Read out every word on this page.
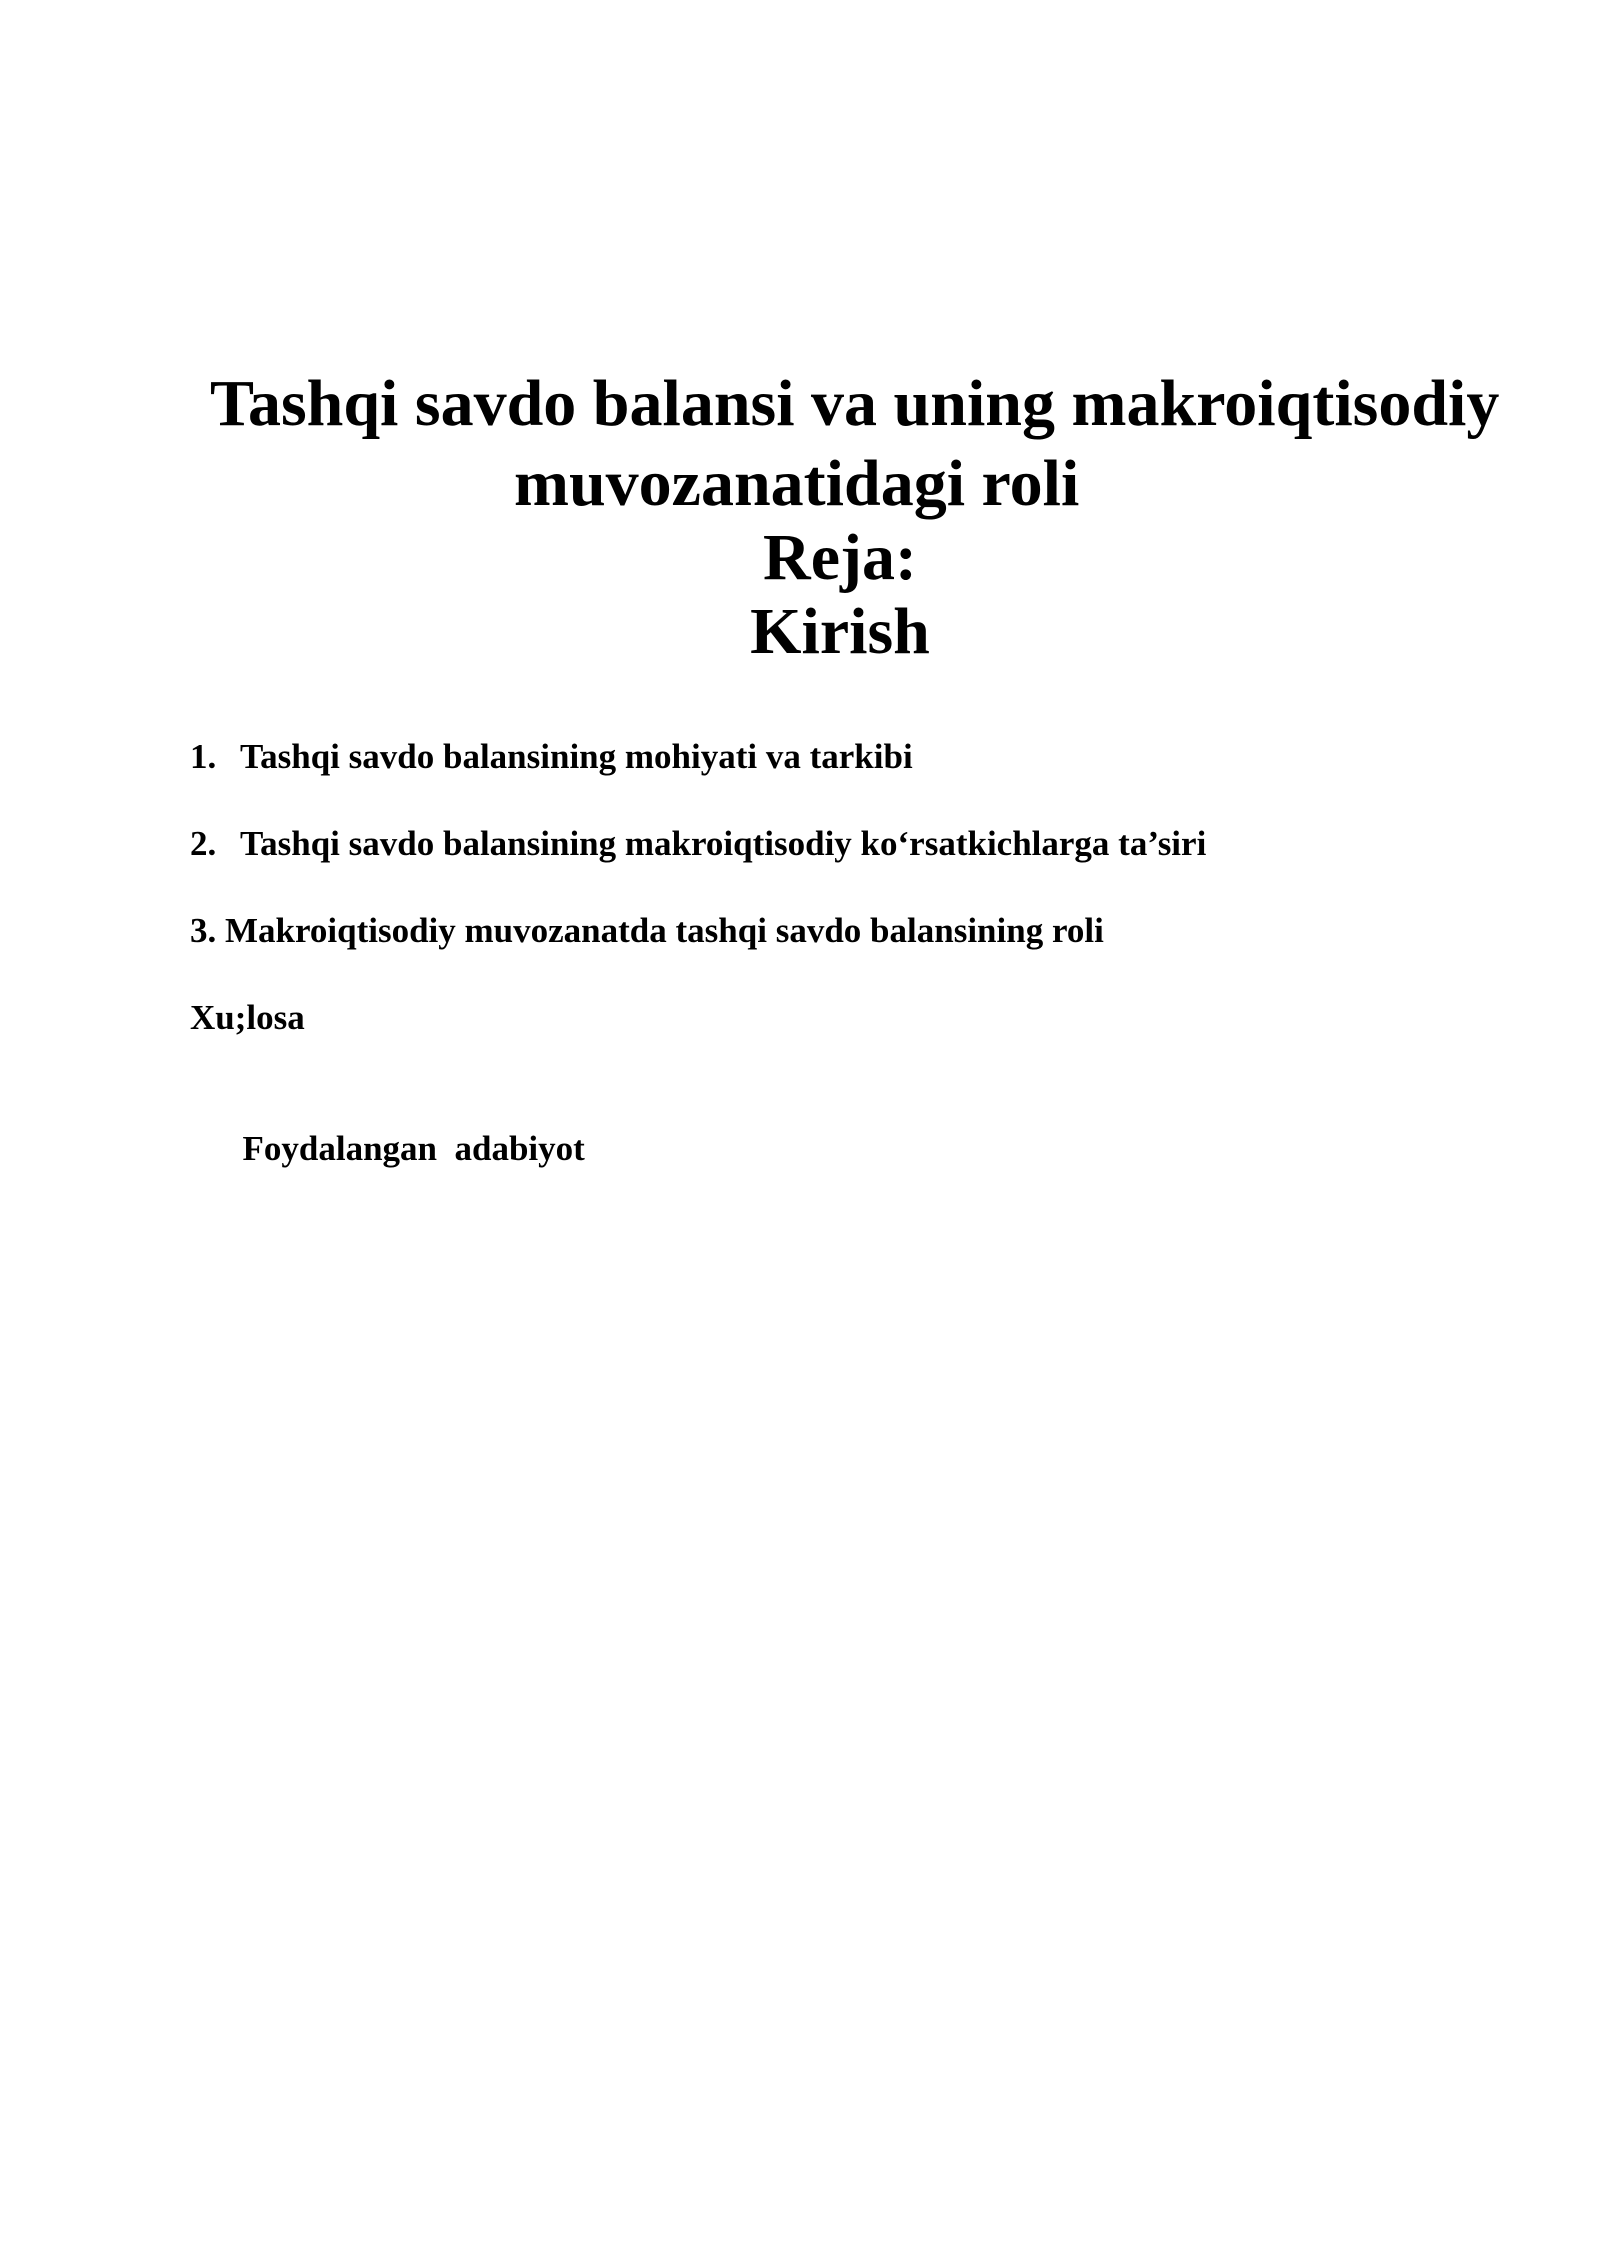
Tashqi savdo balansi va uning makroiqtisodiy
muvozanatidagi roli
Reja:
Kirish
1. Tashqi savdo balansining mohiyati va tarkibi
2. Tashqi savdo balansining makroiqtisodiy ko‘rsatkichlarga ta’siri
3. Makroiqtisodiy muvozanatda tashqi savdo balansining roli
Xu;losa

Foydalangan  adabiyot
